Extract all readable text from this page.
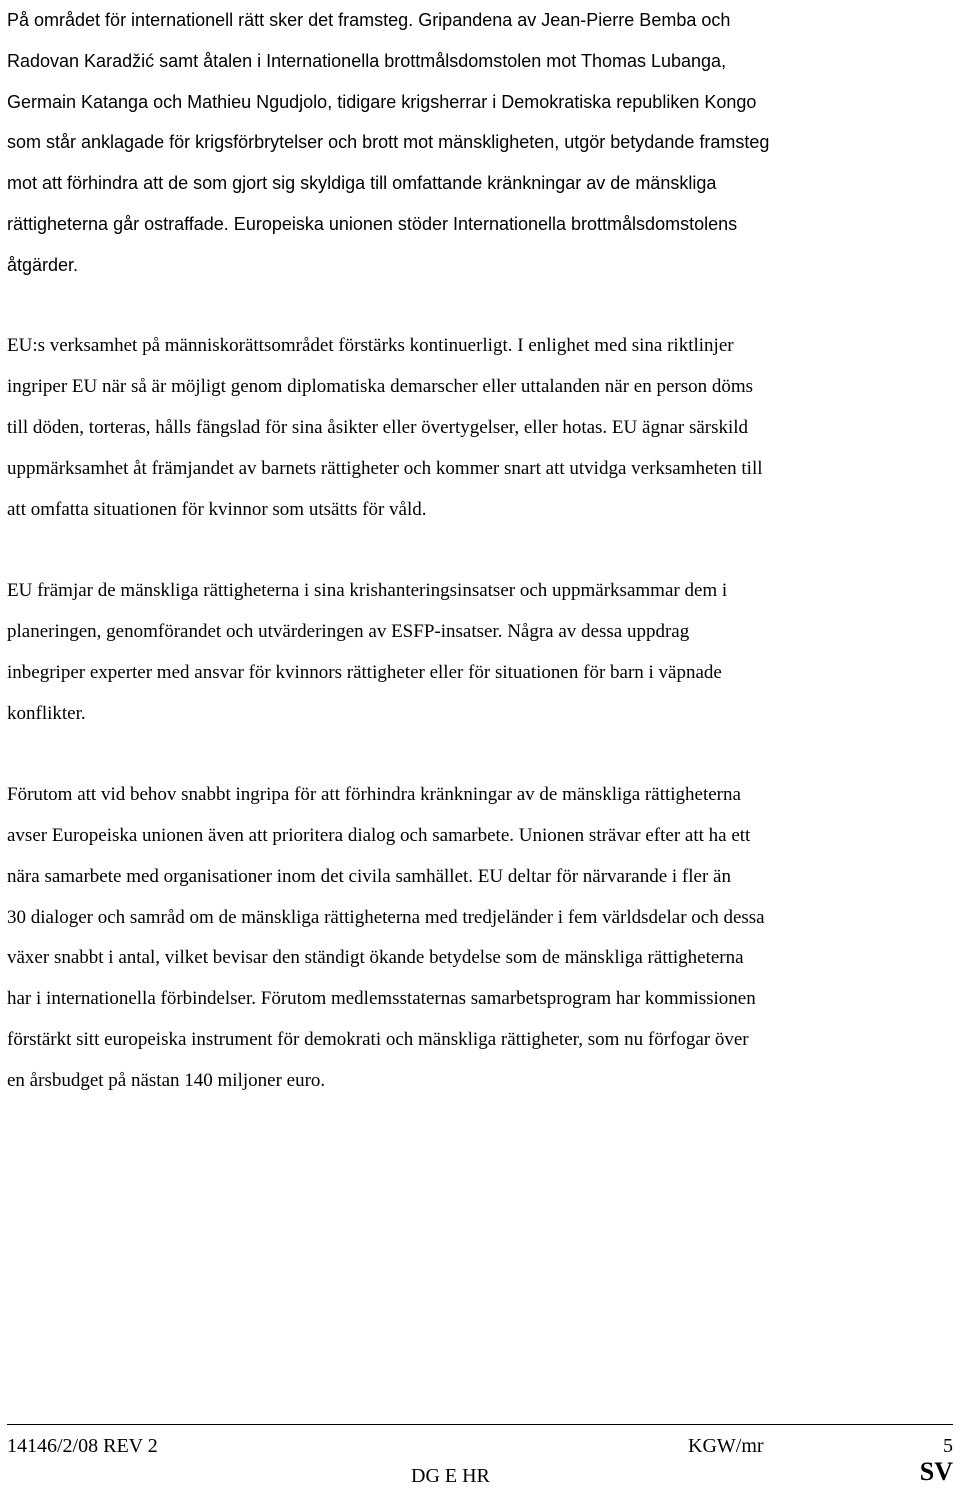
På området för internationell rätt sker det framsteg. Gripandena av Jean-Pierre Bemba och
Radovan Karadžić samt åtalen i Internationella brottmålsdomstolen mot Thomas Lubanga,
Germain Katanga och Mathieu Ngudjolo, tidigare krigsherrar i Demokratiska republiken Kongo
som står anklagade för krigsförbrytelser och brott mot mänskligheten, utgör betydande framsteg
mot att förhindra att de som gjort sig skyldiga till omfattande kränkningar av de mänskliga
rättigheterna går ostraffade. Europeiska unionen stöder Internationella brottmålsdomstolens
åtgärder.
EU:s verksamhet på människorättsområdet förstärks kontinuerligt. I enlighet med sina riktlinjer
ingriper EU när så är möjligt genom diplomatiska demarscher eller uttalanden när en person döms
till döden, torteras, hålls fängslad för sina åsikter eller övertygelser, eller hotas. EU ägnar särskild
uppmärksamhet åt främjandet av barnets rättigheter och kommer snart att utvidga verksamheten till
att omfatta situationen för kvinnor som utsätts för våld.
EU främjar de mänskliga rättigheterna i sina krishanteringsinsatser och uppmärksammar dem i
planeringen, genomförandet och utvärderingen av ESFP-insatser. Några av dessa uppdrag
inbegriper experter med ansvar för kvinnors rättigheter eller för situationen för barn i väpnade
konflikter.
Förutom att vid behov snabbt ingripa för att förhindra kränkningar av de mänskliga rättigheterna
avser Europeiska unionen även att prioritera dialog och samarbete. Unionen strävar efter att ha ett
nära samarbete med organisationer inom det civila samhället. EU deltar för närvarande i fler än
30 dialoger och samråd om de mänskliga rättigheterna med tredjeländer i fem världsdelar och dessa
växer snabbt i antal, vilket bevisar den ständigt ökande betydelse som de mänskliga rättigheterna
har i internationella förbindelser. Förutom medlemsstaternas samarbetsprogram har kommissionen
förstärkt sitt europeiska instrument för demokrati och mänskliga rättigheter, som nu förfogar över
en årsbudget på nästan 140 miljoner euro.
14146/2/08 REV 2	KGW/mr	5
DG E HR	SV
